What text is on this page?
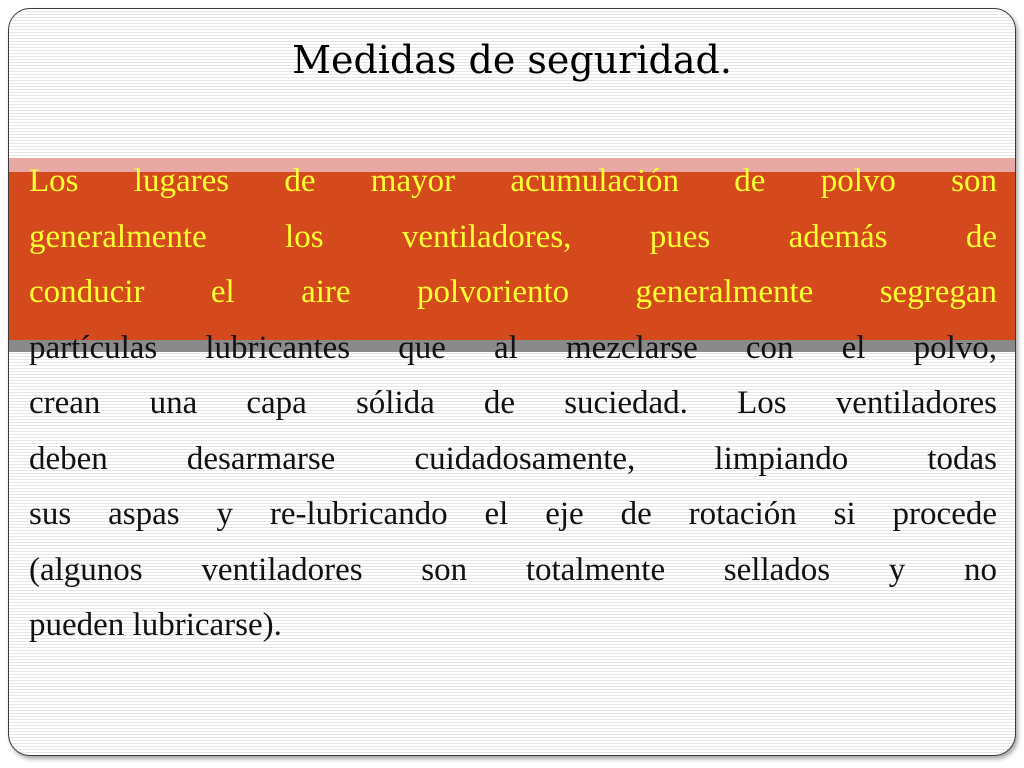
Medidas de seguridad.
Los lugares de mayor acumulación de polvo son
generalmente los ventiladores, pues además de
conducir el aire polvoriento generalmente segregan
partículas lubricantes que al mezclarse con el polvo,
crean una capa sólida de suciedad. Los ventiladores
deben desarmarse cuidadosamente, limpiando todas
sus aspas y re-lubricando el eje de rotación si procede
(algunos ventiladores son totalmente sellados y no
pueden lubricarse).
